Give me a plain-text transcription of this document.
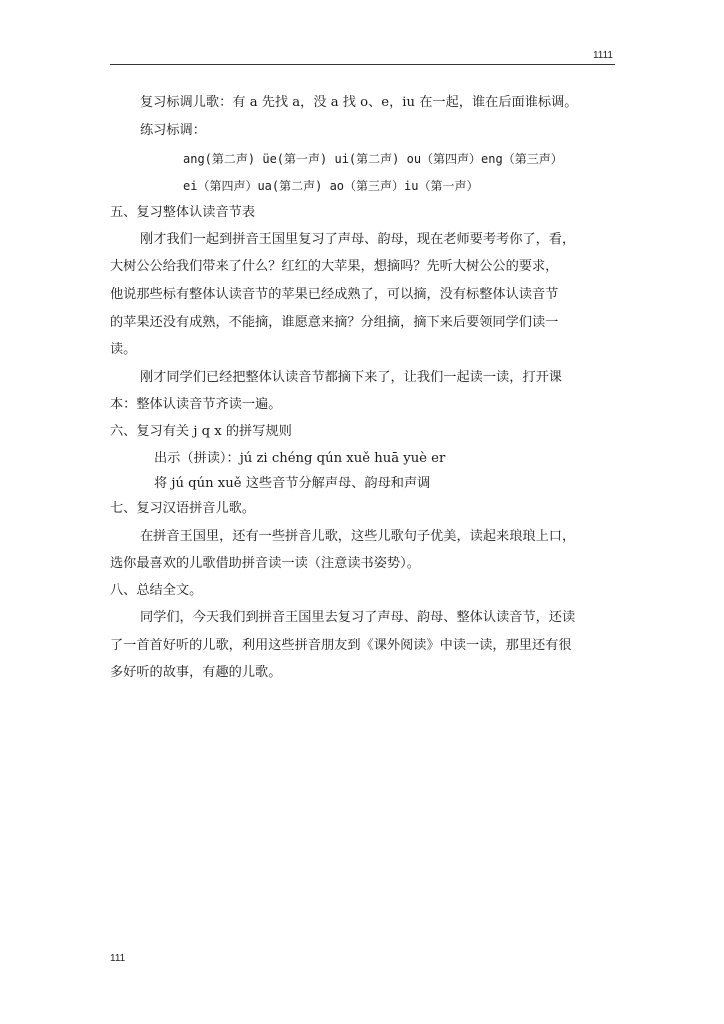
1111
复习标调儿歌：有 a 先找 a，没 a 找 o、e，iu 在一起，谁在后面谁标调。
练习标调：
ang(第二声) üe(第一声) ui(第二声) ou（第四声）eng（第三声）
ei（第四声）ua(第二声) ao（第三声）iu（第一声）
五、复习整体认读音节表
刚才我们一起到拼音王国里复习了声母、韵母，现在老师要考考你了，看，
大树公公给我们带来了什么？红红的大苹果，想摘吗？先听大树公公的要求，
他说那些标有整体认读音节的苹果已经成熟了，可以摘，没有标整体认读音节
的苹果还没有成熟，不能摘，谁愿意来摘？分组摘，摘下来后要领同学们读一
读。
刚才同学们已经把整体认读音节都摘下来了，让我们一起读一读，打开课
本：整体认读音节齐读一遍。
六、复习有关 j q x 的拼写规则
出示（拼读）：jú zi chéng qún xuě huā yuè er
将 jú qún xuě 这些音节分解声母、韵母和声调
七、复习汉语拼音儿歌。
在拼音王国里，还有一些拼音儿歌，这些儿歌句子优美，读起来琅琅上口，
选你最喜欢的儿歌借助拼音读一读（注意读书姿势）。
八、总结全文。
同学们，今天我们到拼音王国里去复习了声母、韵母、整体认读音节，还读
了一首首好听的儿歌，利用这些拼音朋友到《课外阅读》中读一读，那里还有很
多好听的故事，有趣的儿歌。
111
